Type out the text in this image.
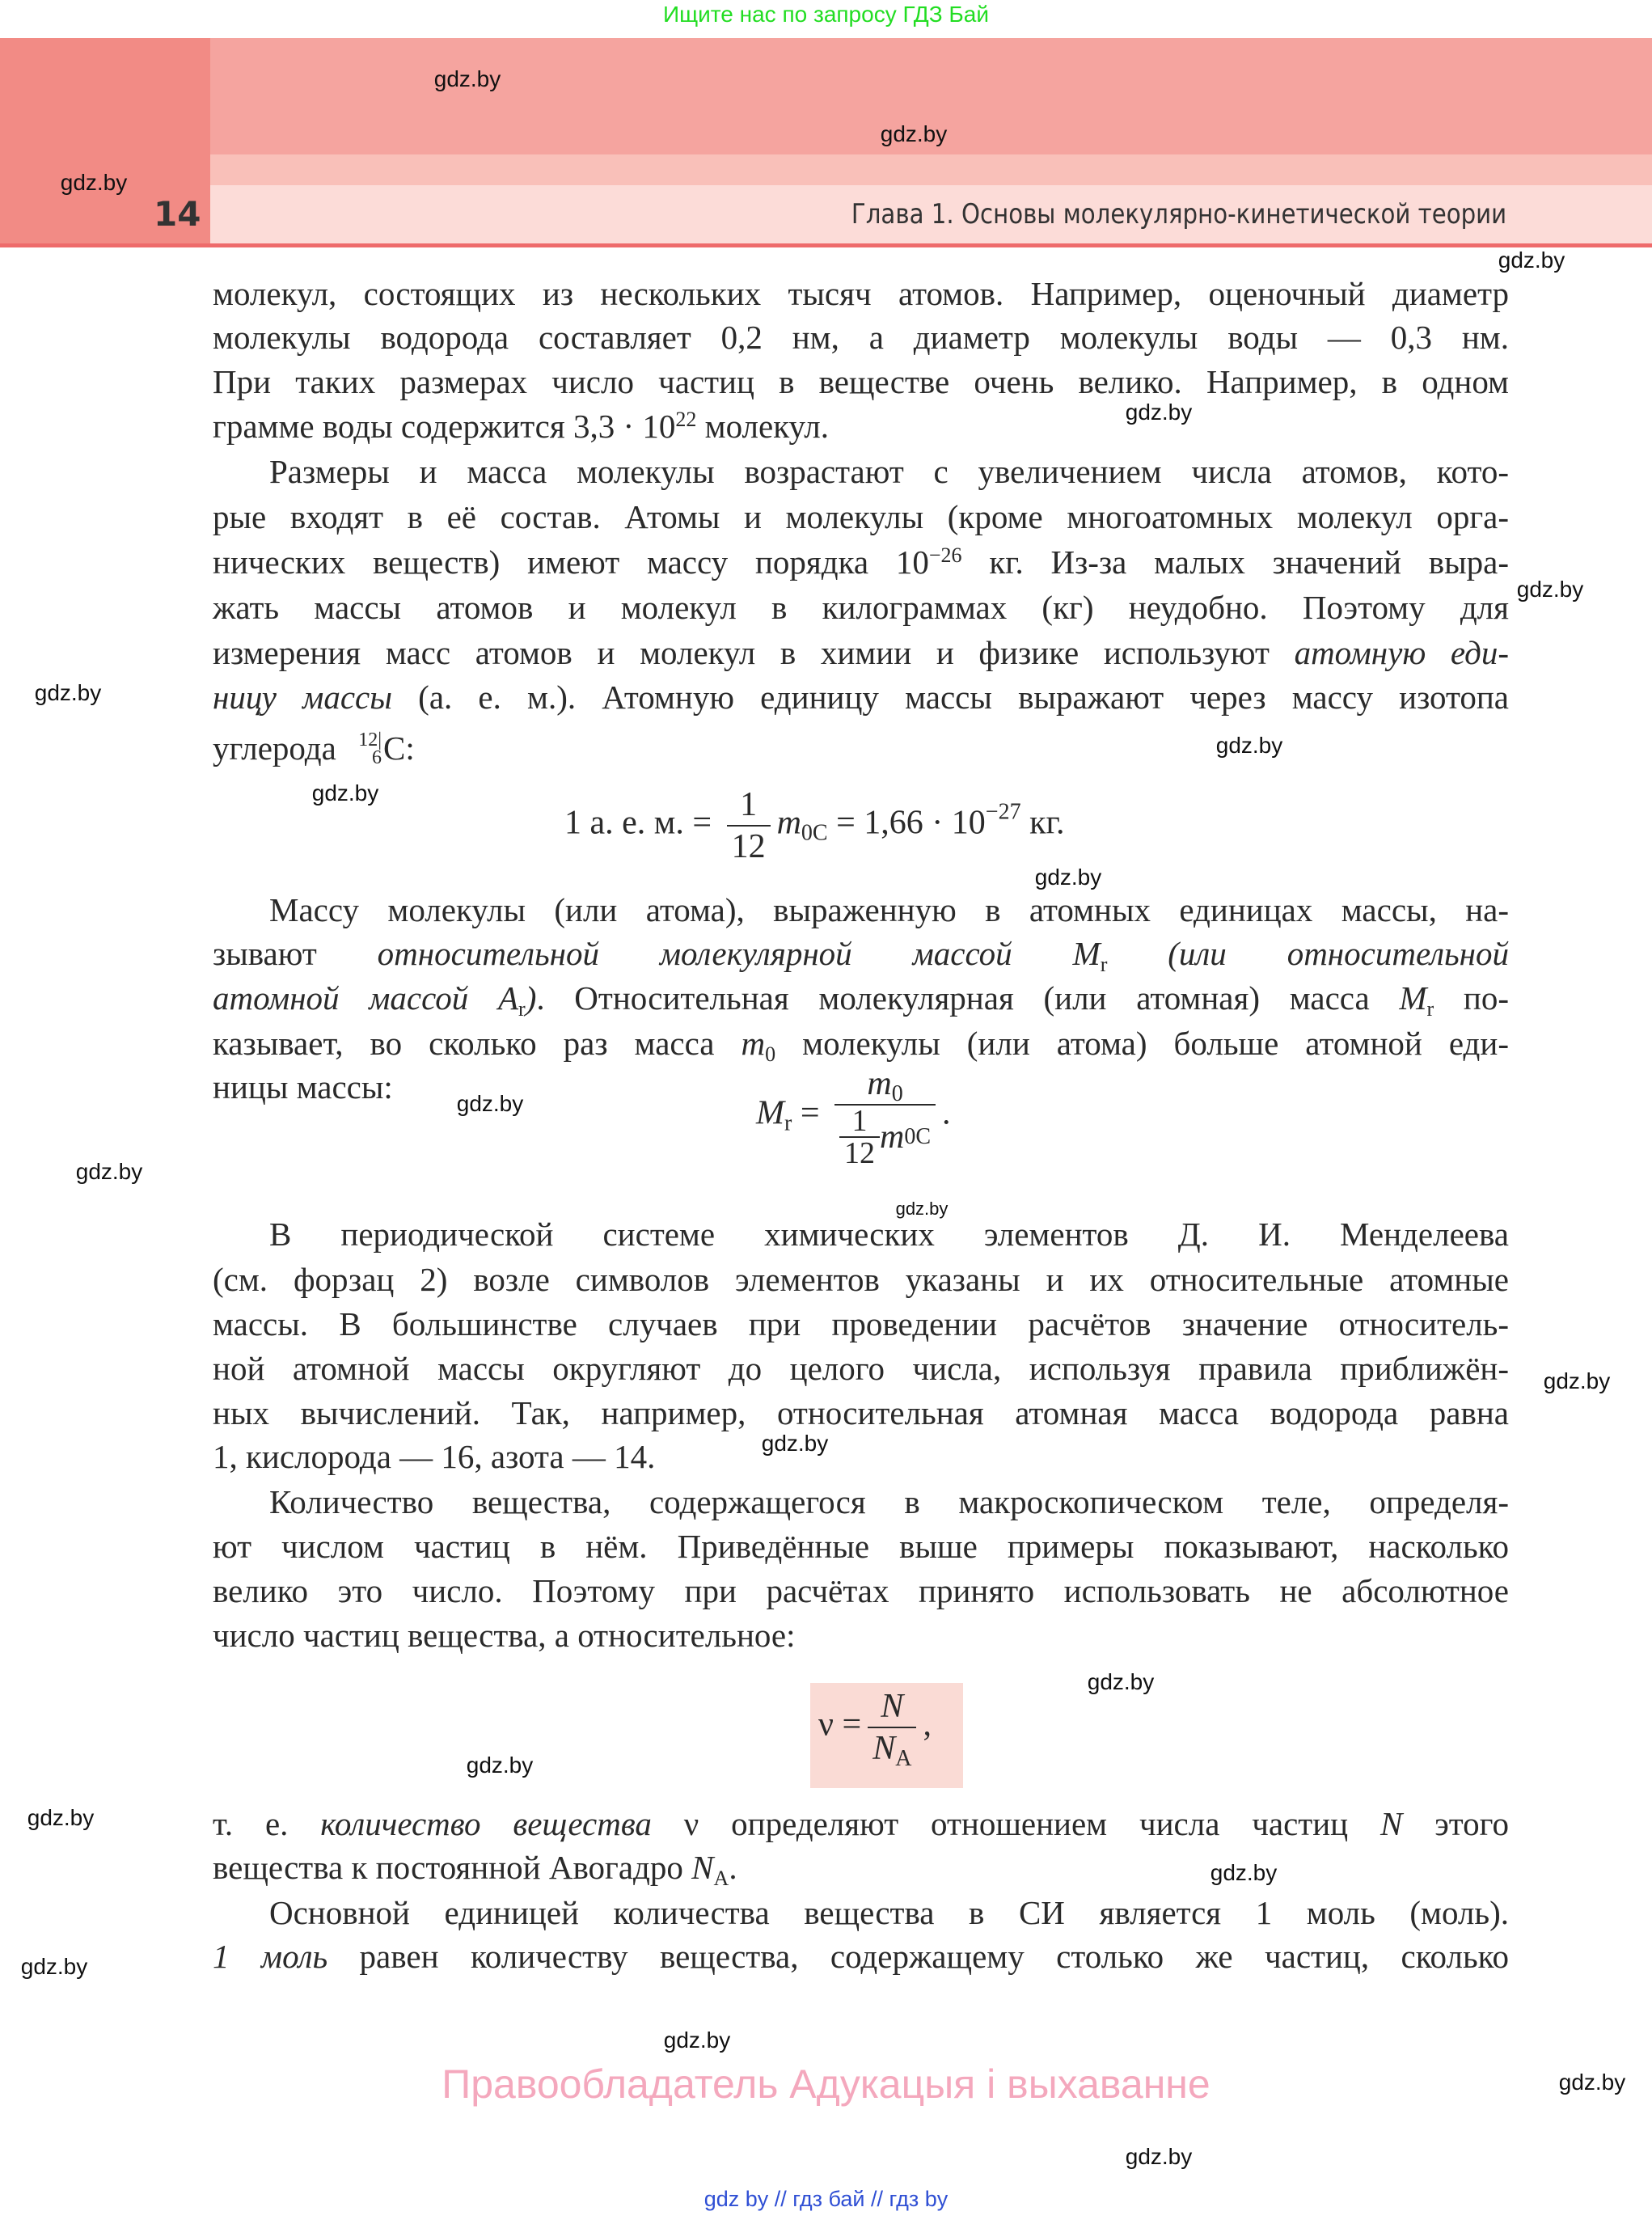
Ищите нас по запросу ГДЗ Бай
14	Глава 1. Основы молекулярно-кинетической теории
молекул, состоящих из нескольких тысяч атомов. Например, оценочный диаметр
молекулы водорода составляет 0,2 нм, а диаметр молекулы воды — 0,3 нм.
При таких размерах число частиц в веществе очень велико. Например, в одном
грамме воды содержится $3,3 \cdot 10^{22}$ молекул.
Размеры и масса молекулы возрастают с увеличением числа атомов, кото-
рые входят в её состав. Атомы и молекулы (кроме многоатомных молекул орга-
нических веществ) имеют массу порядка $10^{-26}$ кг. Из-за малых значений выра-
жать массы атомов и молекул в килограммах (кг) неудобно. Поэтому для
измерения масс атомов и молекул в химии и физике используют атомную еди-
ницу массы (а. е. м.). Атомную единицу массы выражают через массу изотопа
углерода 12|6C:
Массу молекулы (или атома), выраженную в атомных единицах массы, на-
зывают относительной молекулярной массой $M_r$ (или относительной
атомной массой $A_r$). Относительная молекулярная (или атомная) масса $M_r$ по-
казывает, во сколько раз масса $m_0$ молекулы (или атома) больше атомной еди-
ницы массы:
В периодической системе химических элементов Д. И. Менделеева
(см. форзац 2) возле символов элементов указаны и их относительные атомные
массы. В большинстве случаев при проведении расчётов значение относитель-
ной атомной массы округляют до целого числа, используя правила приближён-
ных вычислений. Так, например, относительная атомная масса водорода равна
1, кислорода — 16, азота — 14.
Количество вещества, содержащегося в макроскопическом теле, определя-
ют числом частиц в нём. Приведённые выше примеры показывают, насколько
велико это число. Поэтому при расчётах принято использовать не абсолютное
число частиц вещества, а относительное:
т. е. количество вещества ν определяют отношением числа частиц N этого
вещества к постоянной Авогадро $N_A$.
Основной единицей количества вещества в СИ является 1 моль (моль).
1 моль равен количеству вещества, содержащему столько же частиц, сколько
1 а. е. м. = $\frac{1}{12} m_{0C} = 1,66 \cdot 10^{-27}$ кг.
$M_r = \frac{m_0}{\frac{1}{12} m 0C}$ .
$\nu = \frac{N}{N_A}$ ,
gdz.by
gdz.by
gdz.by
gdz.by
gdz.by
gdz.by
gdz.by
gdz.by
gdz.by
gdz.by
gdz.by
gdz.by
gdz.by
gdz.by
gdz.by
gdz.by
gdz.by
gdz.by
gdz.by
gdz.by
gdz.by
gdz.by
gdz.by
Правообладатель Адукацыя і выхаванне
gdz by // гдз бай // гдз by
